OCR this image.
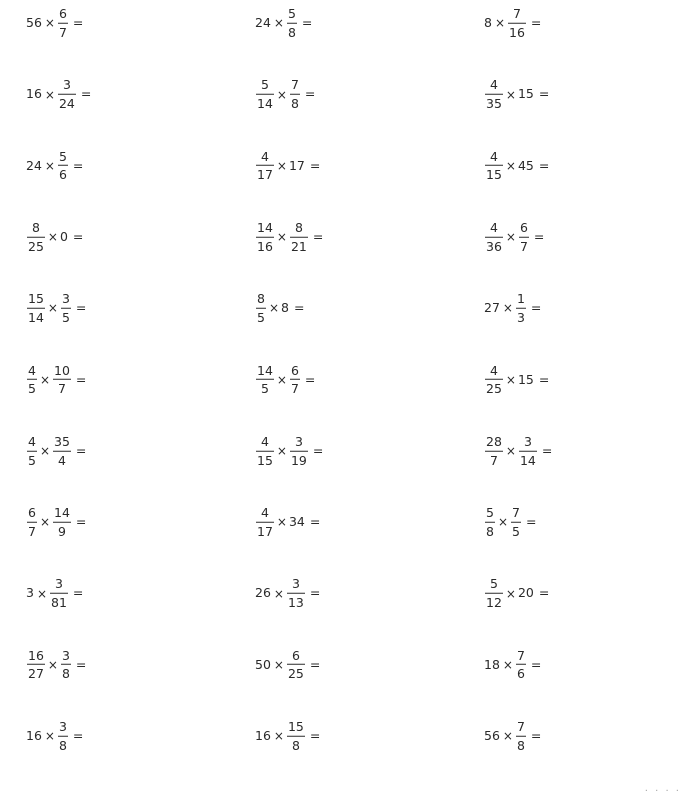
$56 \times \frac{6}{7}$ =	$24 \times \frac{5}{8}$ =	$8 \times \frac{7}{16}$ =
$16 \times \frac{3}{24}$ =	$\frac{5}{14} \times \frac{7}{8}$ =	$\frac{4}{35} \times 15$ =
$24 \times \frac{5}{6}$ =	$\frac{4}{17} \times 17$ =	$\frac{4}{15} \times 45$ =
$\frac{8}{25} \times 0$ =	$\frac{14}{16} \times \frac{8}{21}$ =	$\frac{4}{36} \times \frac{6}{7}$ =
$\frac{15}{14} \times \frac{3}{5}$ =	$\frac{8}{5} \times 8$ =	$27 \times \frac{1}{3}$ =
$\frac{4}{5} \times \frac{10}{7}$ =	$\frac{14}{5} \times \frac{6}{7}$ =	$\frac{4}{25} \times 15$ =
$\frac{4}{5} \times \frac{35}{4}$ =	$\frac{4}{15} \times \frac{3}{19}$ =	$\frac{28}{7} \times \frac{3}{14}$ =
$\frac{6}{7} \times \frac{14}{9}$ =	$\frac{4}{17} \times 34$ =	$\frac{5}{8} \times \frac{7}{5}$ =
$3 \times \frac{3}{81}$ =	$26 \times \frac{3}{13}$ =	$\frac{5}{12} \times 20$ =
$\frac{16}{27} \times \frac{3}{8}$ =	$50 \times \frac{6}{25}$ =	$18 \times \frac{7}{6}$ =
$16 \times \frac{3}{8}$ =	$16 \times \frac{15}{8}$ =	$56 \times \frac{7}{8}$ =
· · · ·
